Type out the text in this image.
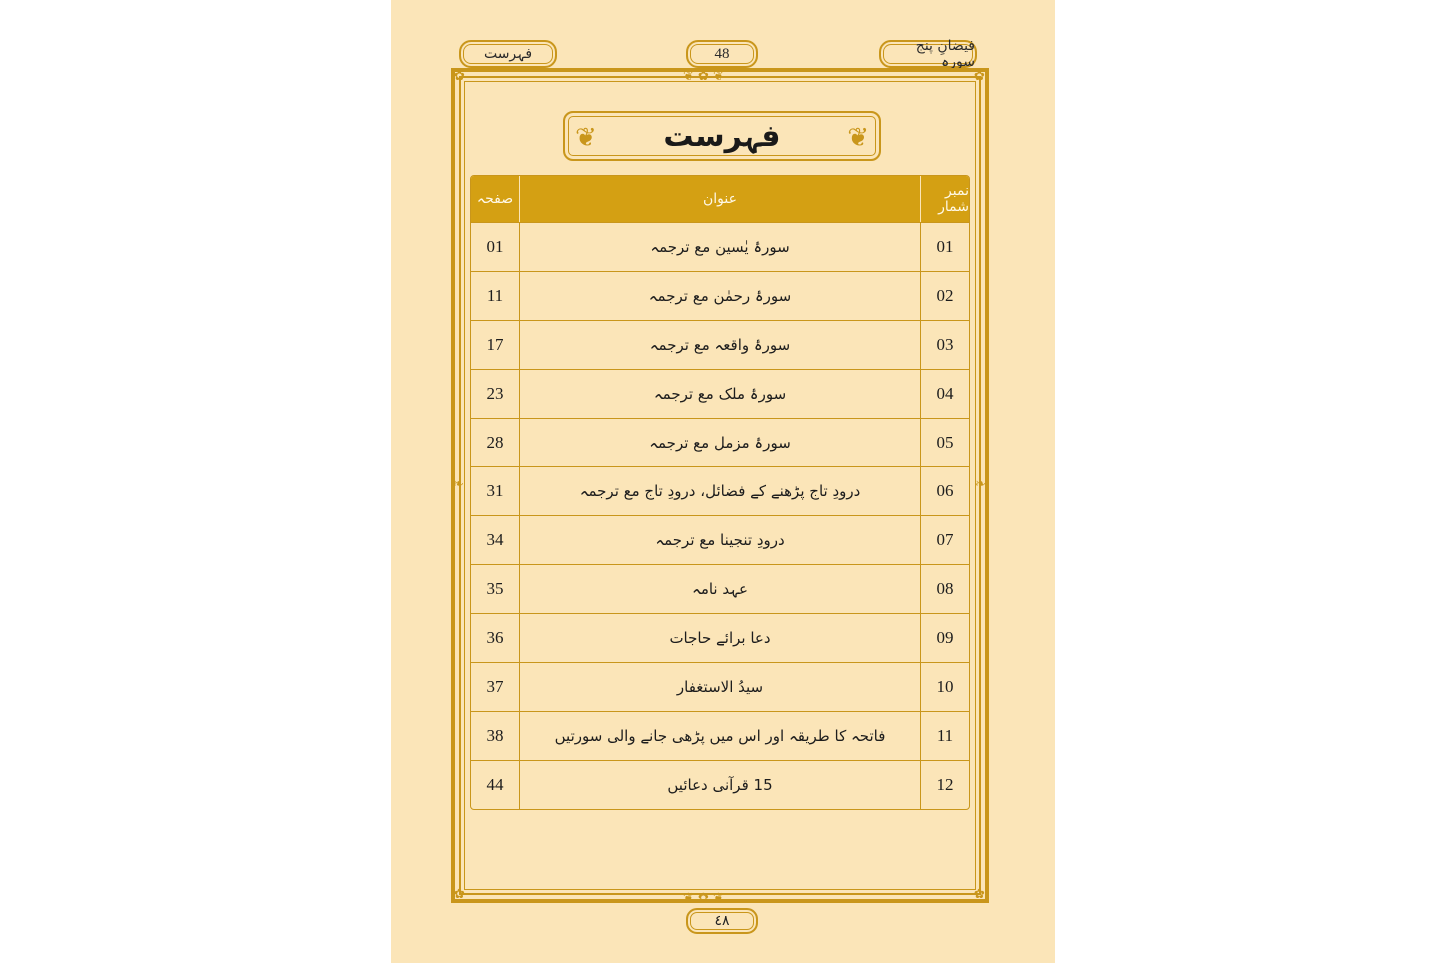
فہرست	48	فیضانِ پنج سورہ
❦ ✿ ❦
❦ ✿ ❦
✿	✿
✿	✿
❧	❧
❦ فہرست	❦
صفحہ	عنوان	نمبر شمار
01	سورۂ یٰسین مع ترجمہ	01
11	سورۂ رحمٰن مع ترجمہ	02
17	سورۂ واقعہ مع ترجمہ	03
23	سورۂ ملک مع ترجمہ	04
28	سورۂ مزمل مع ترجمہ	05
31	درودِ تاج پڑھنے کے فضائل، درودِ تاج مع ترجمہ	06
34	درودِ تنجینا مع ترجمہ	07
35	عہد نامہ	08
36	دعا برائے حاجات	09
37	سیدُ الاستغفار	10
38	فاتحہ کا طریقہ اور اس میں پڑھی جانے والی سورتیں	11
44	15 قرآنی دعائیں	12
٤٨
